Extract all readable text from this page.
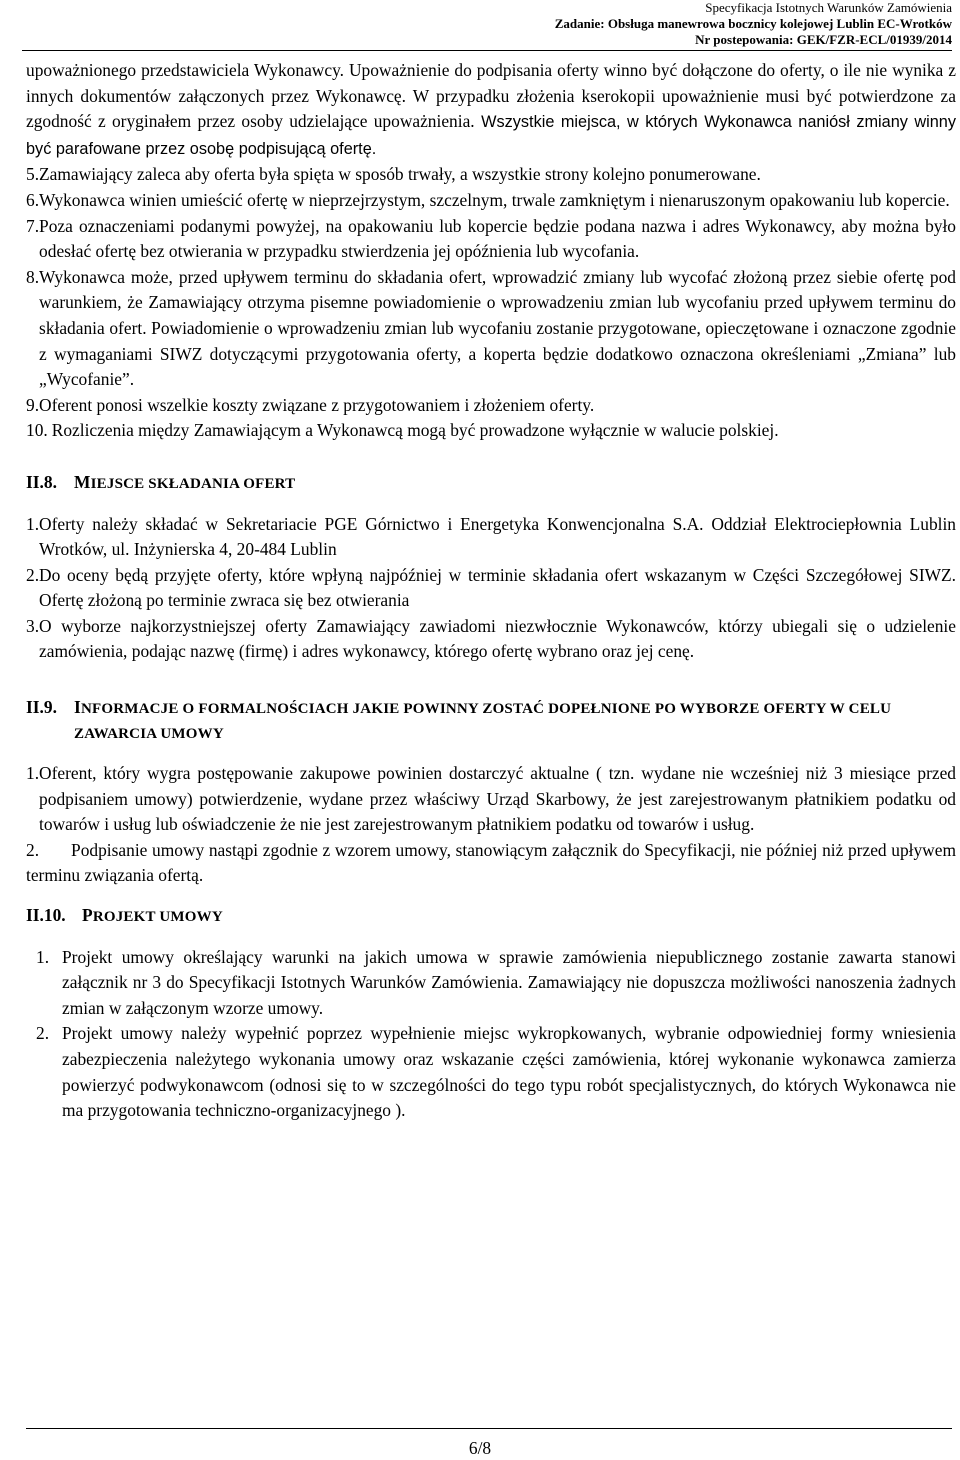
Specyfikacja Istotnych Warunków Zamówienia
Zadanie: Obsługa manewrowa bocznicy kolejowej Lublin EC-Wrotków
Nr postepowania: GEK/FZR-ECL/01939/2014

upoważnionego przedstawiciela Wykonawcy. Upoważnienie do podpisania oferty winno być dołączone do oferty, o ile nie wynika z innych dokumentów załączonych przez Wykonawcę. W przypadku złożenia kserokopii upoważnienie musi być potwierdzone za zgodność z oryginałem przez osoby udzielające upoważnienia. Wszystkie miejsca, w których Wykonawca naniósł zmiany winny być parafowane przez osobę podpisującą ofertę.

5. Zamawiający zaleca aby oferta była spięta w sposób trwały, a wszystkie strony kolejno ponumerowane.
6. Wykonawca winien umieścić ofertę w nieprzejrzystym, szczelnym, trwale zamkniętym i nienaruszonym opakowaniu lub kopercie.
7. Poza oznaczeniami podanymi powyżej, na opakowaniu lub kopercie będzie podana nazwa i adres Wykonawcy, aby można było odesłać ofertę bez otwierania w przypadku stwierdzenia jej opóźnienia lub wycofania.
8. Wykonawca może, przed upływem terminu do składania ofert, wprowadzić zmiany lub wycofać złożoną przez siebie ofertę pod warunkiem, że Zamawiający otrzyma pisemne powiadomienie o wprowadzeniu zmian lub wycofaniu przed upływem terminu do składania ofert. Powiadomienie o wprowadzeniu zmian lub wycofaniu zostanie przygotowane, opieczętowane i oznaczone zgodnie z wymaganiami SIWZ dotyczącymi przygotowania oferty, a koperta będzie dodatkowo oznaczona określeniami „Zmiana” lub „Wycofanie”.
9. Oferent ponosi wszelkie koszty związane z przygotowaniem i złożeniem oferty.
10. Rozliczenia między Zamawiającym a Wykonawcą mogą być prowadzone wyłącznie w walucie polskiej.
II.8. MIEJSCE SKŁADANIA OFERT
1. Oferty należy składać w Sekretariacie PGE Górnictwo i Energetyka Konwencjonalna S.A. Oddział Elektrociepłownia Lublin Wrotków, ul. Inżynierska 4, 20-484 Lublin
2. Do oceny będą przyjęte oferty, które wpłyną najpóźniej w terminie składania ofert wskazanym w Części Szczegółowej SIWZ. Ofertę złożoną po terminie zwraca się bez otwierania
3. O wyborze najkorzystniejszej oferty Zamawiający zawiadomi niezwłocznie Wykonawców, którzy ubiegali się o udzielenie zamówienia, podając nazwę (firmę) i adres wykonawcy, którego ofertę wybrano oraz jej cenę.
II.9. INFORMACJE O FORMALNOŚCIACH JAKIE POWINNY ZOSTAĆ DOPEŁNIONE PO WYBORZE OFERTY W CELU ZAWARCIA UMOWY
1. Oferent, który wygra postępowanie zakupowe powinien dostarczyć aktualne ( tzn. wydane nie wcześniej niż 3 miesiące przed podpisaniem umowy) potwierdzenie, wydane przez właściwy Urząd Skarbowy, że jest zarejestrowanym płatnikiem podatku od towarów i usług lub oświadczenie że nie jest zarejestrowanym płatnikiem podatku od towarów i usług.

2. Podpisanie umowy nastąpi zgodnie z wzorem umowy, stanowiącym załącznik do Specyfikacji, nie później niż przed upływem terminu związania ofertą.

II.10. PROJEKT UMOWY
1. Projekt umowy określający warunki na jakich umowa w sprawie zamówienia niepublicznego zostanie zawarta stanowi załącznik nr 3 do Specyfikacji Istotnych Warunków Zamówienia. Zamawiający nie dopuszcza możliwości nanoszenia żadnych zmian w załączonym wzorze umowy.
2. Projekt umowy należy wypełnić poprzez wypełnienie miejsc wykropkowanych, wybranie odpowiedniej formy wniesienia zabezpieczenia należytego wykonania umowy oraz wskazanie części zamówienia, której wykonanie wykonawca zamierza powierzyć podwykonawcom (odnosi się to w szczególności do tego typu robót specjalistycznych, do których Wykonawca nie ma przygotowania techniczno-organizacyjnego ).
6/8
